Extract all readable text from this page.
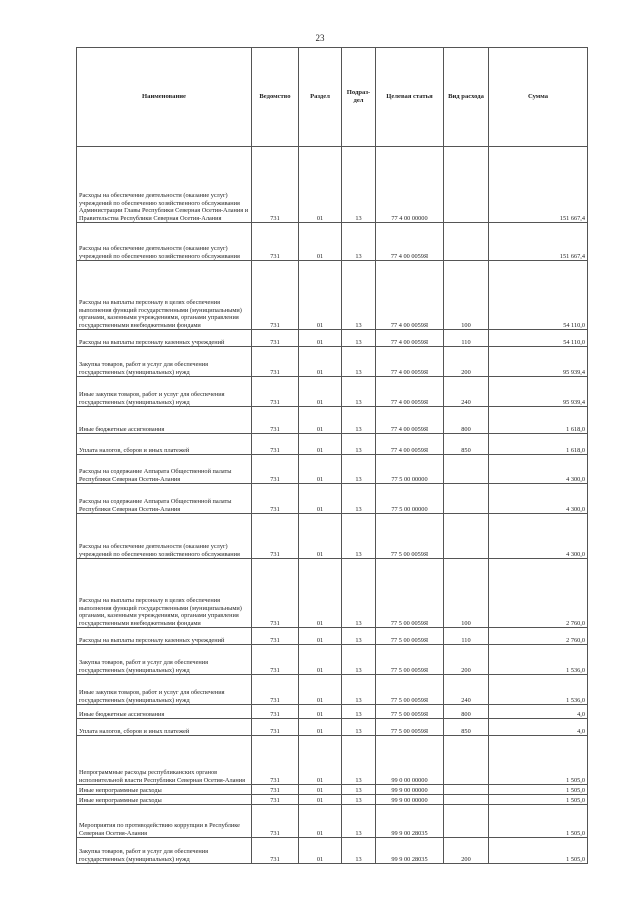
23
Наименование	Ведомство	Раздел	Подраз-дел	Целевая статья	Вид расхода	Сумма
Расходы на обеспечение деятельности (оказание услуг) учреждений по обеспечению хозяйственного обслуживания Администрации Главы Республики Северная Осетия-Алания и Правительства Республики Северная Осетия-Алания	731	01	13	77 4 00 00000		151 667,4
Расходы на обеспечение деятельности (оказание услуг) учреждений по обеспечению хозяйственного обслуживания	731	01	13	77 4 00 0059Я		151 667,4
Расходы на выплаты персоналу в целях обеспечения выполнения функций государственными (муниципальными) органами, казенными учреждениями, органами управления государственными внебюджетными фондами	731	01	13	77 4 00 0059Я	100	54 110,0
Расходы на выплаты персоналу казенных учреждений	731	01	13	77 4 00 0059Я	110	54 110,0
Закупка товаров, работ и услуг для обеспечения государственных (муниципальных) нужд	731	01	13	77 4 00 0059Я	200	95 939,4
Иные закупки товаров, работ и услуг для обеспечения государственных (муниципальных) нужд	731	01	13	77 4 00 0059Я	240	95 939,4
Иные бюджетные ассигнования	731	01	13	77 4 00 0059Я	800	1 618,0
Уплата налогов, сборов и иных платежей	731	01	13	77 4 00 0059Я	850	1 618,0
Расходы на содержание Аппарата Общественной палаты Республики Северная Осетия-Алания	731	01	13	77 5 00 00000		4 300,0
Расходы на содержание Аппарата Общественной палаты Республики Северная Осетия-Алания	731	01	13	77 5 00 00000		4 300,0
Расходы на обеспечение деятельности (оказание услуг) учреждений по обеспечению хозяйственного обслуживания	731	01	13	77 5 00 0059Я		4 300,0
Расходы на выплаты персоналу в целях обеспечения выполнения функций государственными (муниципальными) органами, казенными учреждениями, органами управления государственными внебюджетными фондами	731	01	13	77 5 00 0059Я	100	2 760,0
Расходы на выплаты персоналу казенных учреждений	731	01	13	77 5 00 0059Я	110	2 760,0
Закупка товаров, работ и услуг для обеспечения государственных (муниципальных) нужд	731	01	13	77 5 00 0059Я	200	1 536,0
Иные закупки товаров, работ и услуг для обеспечения государственных (муниципальных) нужд	731	01	13	77 5 00 0059Я	240	1 536,0
Иные бюджетные ассигнования	731	01	13	77 5 00 0059Я	800	4,0
Уплата налогов, сборов и иных платежей	731	01	13	77 5 00 0059Я	850	4,0
Непрограммные расходы республиканских органов исполнительной власти Республики Северная Осетия-Алания	731	01	13	99 0 00 00000		1 505,0
Иные непрограммные расходы	731	01	13	99 9 00 00000		1 505,0
Иные непрограммные расходы	731	01	13	99 9 00 00000		1 505,0
Мероприятия по противодействию коррупции в Республике Северная Осетия-Алания	731	01	13	99 9 00 28035		1 505,0
Закупка товаров, работ и услуг для обеспечения государственных (муниципальных) нужд	731	01	13	99 9 00 28035	200	1 505,0
